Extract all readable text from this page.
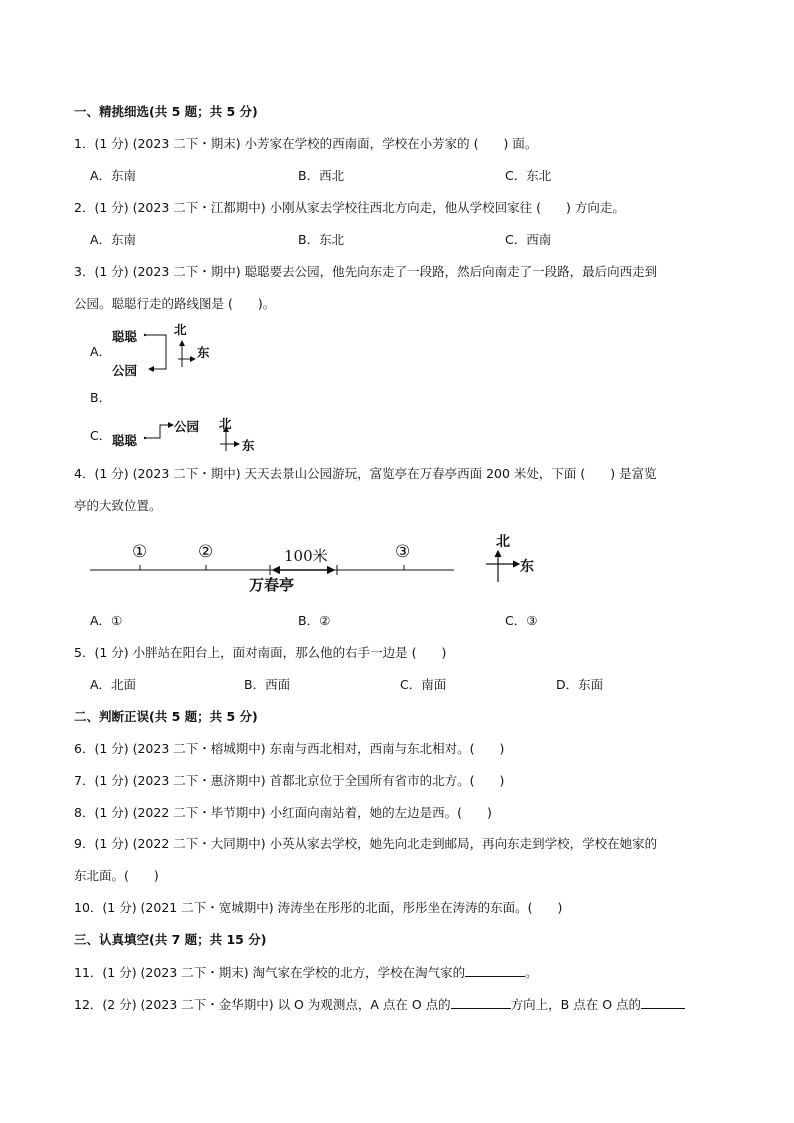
一、精挑细选(共 5 题；共 5 分)
1．(1 分) (2023 二下・期末) 小芳家在学校的西南面，学校在小芳家的 (　　) 面。
A．东南	B．西北	C．东北
2．(1 分) (2023 二下・江都期中) 小刚从家去学校往西北方向走，他从学校回家往 (　　) 方向走。
A．东南	B．东北	C．西南
3．(1 分) (2023 二下・期中) 聪聪要去公园，他先向东走了一段路，然后向南走了一段路，最后向西走到
公园。聪聪行走的路线图是 (　　)。
A．
聪聪
公园
北
东
B．
C． 聪聪
公园 北
东
4．(1 分) (2023 二下・期中) 天天去景山公园游玩，富览亭在万春亭西面 200 米处，下面 (　　) 是富览
亭的大致位置。
①	②	③
100米
万春亭
北
东
A．①	B．②	C．③
5．(1 分) 小胖站在阳台上，面对南面，那么他的右手一边是 (　　)
A．北面	B．西面	C．南面	D．东面
二、判断正误(共 5 题；共 5 分)
6．(1 分) (2023 二下・榕城期中) 东南与西北相对，西南与东北相对。(　　)
7．(1 分) (2023 二下・惠济期中) 首都北京位于全国所有省市的北方。(　　)
8．(1 分) (2022 二下・毕节期中) 小红面向南站着，她的左边是西。(　　)
9．(1 分) (2022 二下・大同期中) 小英从家去学校，她先向北走到邮局，再向东走到学校，学校在她家的
东北面。(　　)
10．(1 分) (2021 二下・宽城期中) 涛涛坐在彤彤的北面，彤彤坐在涛涛的东面。(　　)
三、认真填空(共 7 题；共 15 分)
11．(1 分) (2023 二下・期末) 淘气家在学校的北方，学校在淘气家的	。
12．(2 分) (2023 二下・金华期中) 以 O 为观测点，A 点在 O 点的	方向上，B 点在 O 点的
